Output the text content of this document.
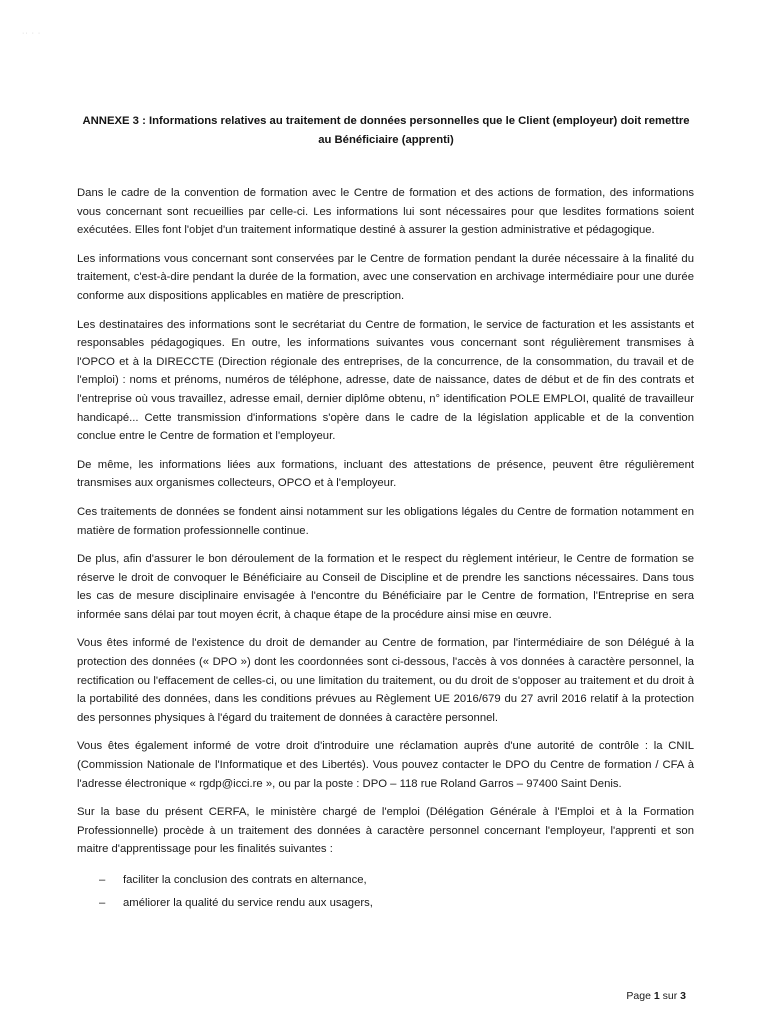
·· · ·
ANNEXE 3 : Informations relatives au traitement de données personnelles que le Client (employeur) doit remettre au Bénéficiaire (apprenti)

Dans le cadre de la convention de formation avec le Centre de formation et des actions de formation, des informations vous concernant sont recueillies par celle-ci. Les informations lui sont nécessaires pour que lesdites formations soient exécutées. Elles font l'objet d'un traitement informatique destiné à assurer la gestion administrative et pédagogique.

Les informations vous concernant sont conservées par le Centre de formation pendant la durée nécessaire à la finalité du traitement, c'est-à-dire pendant la durée de la formation, avec une conservation en archivage intermédiaire pour une durée conforme aux dispositions applicables en matière de prescription.

Les destinataires des informations sont le secrétariat du Centre de formation, le service de facturation et les assistants et responsables pédagogiques. En outre, les informations suivantes vous concernant sont régulièrement transmises à l'OPCO et à la DIRECCTE (Direction régionale des entreprises, de la concurrence, de la consommation, du travail et de l'emploi) : noms et prénoms, numéros de téléphone, adresse, date de naissance, dates de début et de fin des contrats et l'entreprise où vous travaillez, adresse email, dernier diplôme obtenu, n° identification POLE EMPLOI, qualité de travailleur handicapé... Cette transmission d'informations s'opère dans le cadre de la législation applicable et de la convention conclue entre le Centre de formation et l'employeur.

De même, les informations liées aux formations, incluant des attestations de présence, peuvent être régulièrement transmises aux organismes collecteurs, OPCO et à l'employeur.

Ces traitements de données se fondent ainsi notamment sur les obligations légales du Centre de formation notamment en matière de formation professionnelle continue.

De plus, afin d'assurer le bon déroulement de la formation et le respect du règlement intérieur, le Centre de formation se réserve le droit de convoquer le Bénéficiaire au Conseil de Discipline et de prendre les sanctions nécessaires. Dans tous les cas de mesure disciplinaire envisagée à l'encontre du Bénéficiaire par le Centre de formation, l'Entreprise en sera informée sans délai par tout moyen écrit, à chaque étape de la procédure ainsi mise en œuvre.

Vous êtes informé de l'existence du droit de demander au Centre de formation, par l'intermédiaire de son Délégué à la protection des données (« DPO ») dont les coordonnées sont ci-dessous, l'accès à vos données à caractère personnel, la rectification ou l'effacement de celles-ci, ou une limitation du traitement, ou du droit de s'opposer au traitement et du droit à la portabilité des données, dans les conditions prévues au Règlement UE 2016/679 du 27 avril 2016 relatif à la protection des personnes physiques à l'égard du traitement de données à caractère personnel.

Vous êtes également informé de votre droit d'introduire une réclamation auprès d'une autorité de contrôle : la CNIL (Commission Nationale de l'Informatique et des Libertés). Vous pouvez contacter le DPO du Centre de formation / CFA à l'adresse électronique « rgdp@icci.re », ou par la poste : DPO – 118 rue Roland Garros – 97400 Saint Denis.

Sur la base du présent CERFA, le ministère chargé de l'emploi (Délégation Générale à l'Emploi et à la Formation Professionnelle) procède à un traitement des données à caractère personnel concernant l'employeur, l'apprenti et son maitre d'apprentissage pour les finalités suivantes :

– faciliter la conclusion des contrats en alternance,
– améliorer la qualité du service rendu aux usagers,
Page 1 sur 3
